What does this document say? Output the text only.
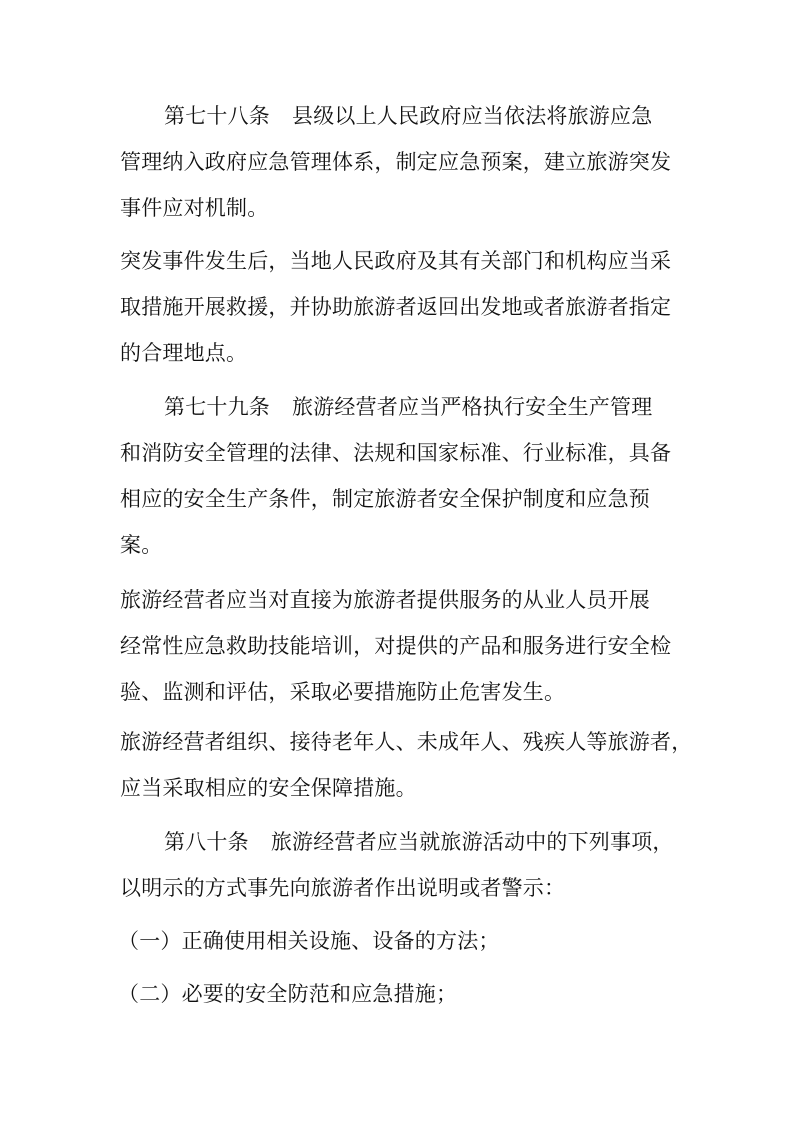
第七十八条 县级以上人民政府应当依法将旅游应急
管理纳入政府应急管理体系，制定应急预案，建立旅游突发
事件应对机制。
突发事件发生后，当地人民政府及其有关部门和机构应当采
取措施开展救援，并协助旅游者返回出发地或者旅游者指定
的合理地点。
第七十九条 旅游经营者应当严格执行安全生产管理
和消防安全管理的法律、法规和国家标准、行业标准，具备
相应的安全生产条件，制定旅游者安全保护制度和应急预
案。
旅游经营者应当对直接为旅游者提供服务的从业人员开展
经常性应急救助技能培训，对提供的产品和服务进行安全检
验、监测和评估，采取必要措施防止危害发生。
旅游经营者组织、接待老年人、未成年人、残疾人等旅游者，
应当采取相应的安全保障措施。
第八十条 旅游经营者应当就旅游活动中的下列事项，
以明示的方式事先向旅游者作出说明或者警示：
（一）正确使用相关设施、设备的方法；
（二）必要的安全防范和应急措施；
